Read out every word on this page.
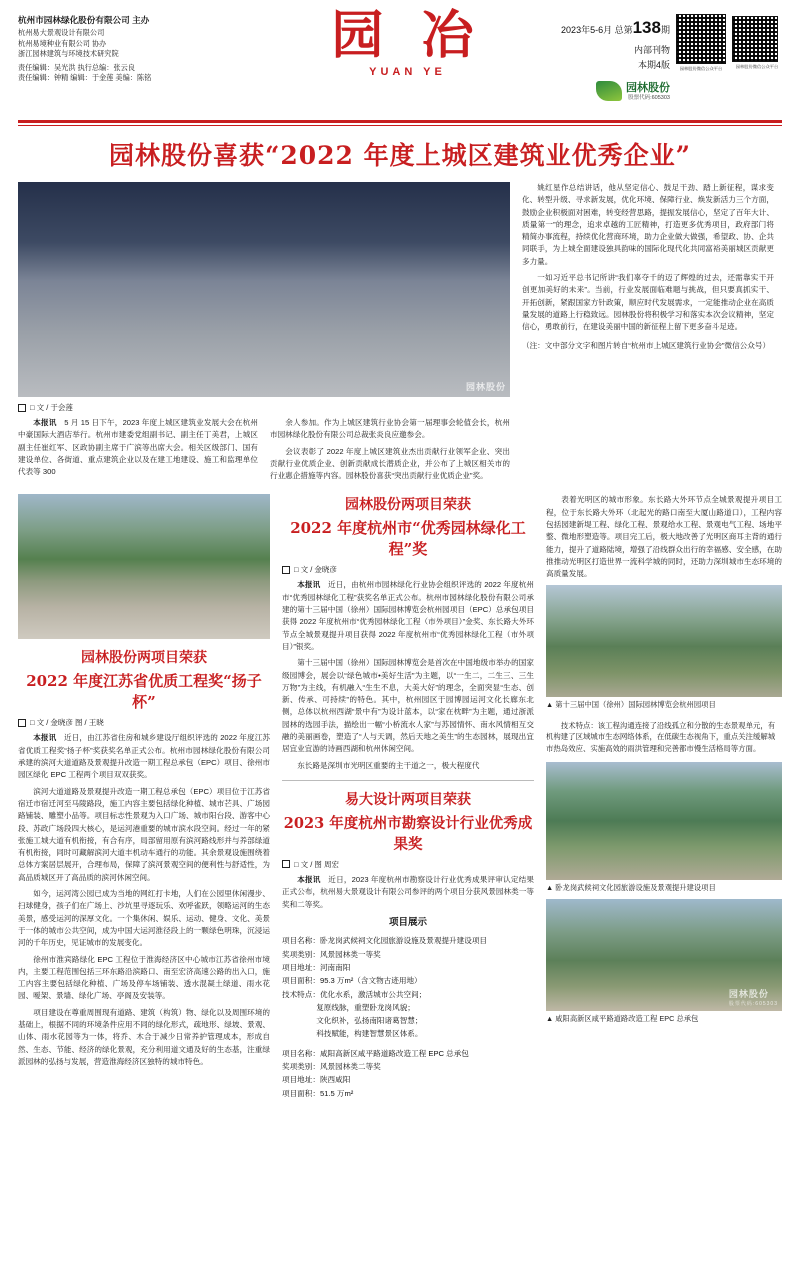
杭州市园林绿化股份有限公司 主办
杭州易大景观设计有限公司
杭州易境种业有限公司 协办
浙江园林建筑与环境技术研究院
责任编辑：吴光洪 执行总编：张云良
责任编辑：钟精 编辑：于金莲 美编：陈铭
园 冶
YUAN YE
2023年5-6月 总第138期
内部刊物
本期4版
园林股份
股票代码:605303
园林股份微信公众平台	园林股份微信公众平台
园林股份喜获“2022 年度上城区建筑业优秀企业”
园林股份
□ 文 / 于会莲

本报讯　5 月 15 日下午，2023 年度上城区建筑业发展大会在杭州中豪国际大酒店举行。杭州市建委党组副书记、副主任丁美君，上城区副主任崔红军、区政协副主席于广滨等出席大会。相关区级部门、国有建设单位、各街道、重点建筑企业以及在建工地建设、施工和监理单位代表等 300

余人参加。作为上城区建筑行业协会第一届理事会轮值会长，杭州市园林绿化股份有限公司总裁张炎良应邀参会。

会议表彰了 2022 年度上城区建筑业杰出贡献行业领军企业、突出贡献行业优质企业、创新贡献成长潜质企业，并公布了上城区相关市的行业惠企措施等内容。园林股份喜获“突出贡献行业优质企业”奖。

姚红星作总结讲话，他从坚定信心、鼓足干劲、踏上新征程，谋求变化、转型升级、寻求新发展，优化环境、保障行业、焕发新活力三个方面，鼓励企业积极面对困难，转变经营思路，提振发展信心，坚定了百年大计、质量第一”的理念，追求卓越的工匠精神，打造更多优秀项目，政府部门将精简办事流程，持续优化营商环境，助力企业做大做强，希望政、协、企共同联手，为上城全面建设独具韵味的国际化现代化共同富裕美丽城区贡献更多力量。

一如习近平总书记所讲“我们辜夺千的迈了辉煌的过去，还需靠实干开创更加美好的未来”。当前，行业发展面临难题与挑战，但只要真抓实干、开拓创新，紧跟国家方针政策，顺应时代发展需求，一定能推动企业在高质量发展的道路上行稳致远。园林股份将积极学习和落实本次会议精神，坚定信心，勇敢前行，在建设美丽中国的新征程上留下更多奋斗足迹。

（注：文中部分文字和图片转自“杭州市上城区建筑行业协会”微信公众号）

园林股份两项目荣获
2022 年度江苏省优质工程奖“扬子杯”
□ 文 / 金晓彦 图 / 王晓

本报讯　近日，由江苏省住房和城乡建设厅组织评选的 2022 年度江苏省优质工程奖“扬子杯”奖获奖名单正式公布。杭州市园林绿化股份有限公司承建的滨河大道道路及景观提升改造一期工程总承包（EPC）项目、徐州市园区绿化 EPC 工程两个项目双双获奖。

滨河大道道路及景观提升改造一期工程总承包（EPC）项目位于江苏省宿迁市宿迁河至马陵路段，施工内容主要包括绿化种植、城市芒具、广场园路铺装、雕塑小品等。项目标志性景观为入口广场、城市阳台段、游客中心段、苏政广场段四大核心，是运河港重要的城市滨水段空间。经过一年的紧张施工城大道有机衔接，有合有序，局部留用原有滨河路线形并与养部绿道有机衔接，同时可藏解滨河大道丰机动车通行的功能。其余景观设施围绕着总体方案居层展开，合理布局，保障了滨河景观空间的便利性与舒适性，为高品质城区开了高品质的滨河休闲空间。

如今，运河湾公园已成为当地的网红打卡地，人们在公园里休闲漫步、扫球健身，孩子们在广场上、沙坑里寻逐玩乐、欢呼雀跃，领略运河的生态美景，感受运河的深厚文化。一个集休闲、娱乐、运动、健身、文化、美景于一体的城市公共空间，成为中国大运河淮径段上的一颗绿色明珠，沉浸运河的千年历史，见证城市的发展变化。

徐州市淮宾路绿化 EPC 工程位于淮海经济区中心城市江苏省徐州市境内，主要工程范围包括三环东路沿滨路口、南至宏济高速公路的出入口，施工内容主要包括绿化种植、广场及停车场铺装、透水混凝土绿道、雨水花园、嗳架、景墙、绿化广场、亭阁及安装等。

项目建设在尊重周围现有道路、建筑（构筑）物、绿化以及周围环境的基础上，根据不同的环境条件应用不同的绿化形式，疏地形、绿坡、景观、山体、雨水花园等为一体，将乔、木合于减少日常养护管理成本，形成自然、生态、节能、经济的绿化景观，充分利用道文通及好的生态基，注重绿派园林的弘扬与发展，营造淮海经济区独特的城市特色。

园林股份两项目荣获
2022 年度杭州市“优秀园林绿化工程”奖
□ 文 / 金晓彦

本报讯　近日，由杭州市园林绿化行业协会组织评选的 2022 年度杭州市“优秀园林绿化工程”获奖名单正式公布。杭州市园林绿化股份有限公司承建的第十三届中国（徐州）国际园林博览会杭州园项目（EPC）总承包项目获得 2022 年度杭州市“优秀园林绿化工程（市外项目）”金奖、东长路大外环节点全城景观提升项目获得 2022 年度杭州市“优秀园林绿化工程（市外项目）”银奖。

第十三届中国（徐州）国际园林博览会是首次在中国地级市举办的国家级园博会，展会以“绿色城市•美好生活”为主题，以“一生二，二生三、三生万物”为主线，有机融入“生生不息，大美大好”的理念，全面突显“生态、创新、传承、可持续”的特色。其中，杭州园区于园博园运河文化长廊东北侧，总体以杭州西湖“景中有”为设计蓝本，以“家在枕畔”为主题，通过浙派园林的选园手法，描绘出一幅“小桥流水人家”与苏园情怀、南水风情相互交融的美丽画卷，塑造了“人与天调，然后天地之美生”的生态园林，展现出宜居宜业宜游的诗画西湖和杭州休闲空间。

东长路是深圳市光明区重要的主干道之一，极大程度代

易大设计两项目荣获
2023 年度杭州市勘察设计行业优秀成果奖
□ 文 / 图 周宏

本报讯　近日，2023 年度杭州市勘察设计行业优秀成果评审认定结果正式公布，杭州易大景观设计有限公司参评的两个项目分获风景园林类一等奖和二等奖。

项目展示
项目名称：卧龙岗武候祠文化园旅游设施及景观提升建设项目
奖项类别：风景园林类一等奖
项目地址：河南南阳
项目面积：95.3 万m²（含文物古迹用地）
技术特点：优化水系，激活城市公共空间；
复原线脉，重塑卧龙岗风貌；
文化织补，弘扬南阳诸葛智慧；
科技赋能，构建智慧景区体系。
项目名称：咸阳高新区咸平路道路改造工程 EPC 总承包
奖项类别：风景园林类二等奖
项目地址：陕西咸阳
项目面积：51.5 万m²

表着光明区的城市形象。东长路大外环节点全城景观提升项目工程，位于东长路大外环（北起光的路口南至大厦山路道口），工程内容包括园建新堤工程、绿化工程、景观给水工程、景观电气工程、场地平整、微地形塑造等。项目完工后，极大地改善了光明区商耳主背的通行能力，提升了道路陆境，增强了沿线群众出行的幸福感、安全感，在助推推动光明区打造世界一流科学城的同时，还助力深圳城市生态环境的高质量发展。

▲ 第十三届中国（徐州）国际园林博览会杭州园项目

技术特点：该工程沟通连接了沿线孤立和分散的生态景观单元，有机构建了区域城市生态网络体系，在低碳生态视角下，重点关注缓解城市热岛效应、实施高效的雨洪管理和完善都市慢生活格局等方面。

▲ 卧龙岗武候祠文化园旅游设施及景观提升建设项目
园林股份
股票代码:605303
▲ 咸阳高新区咸平路道路改造工程 EPC 总承包
